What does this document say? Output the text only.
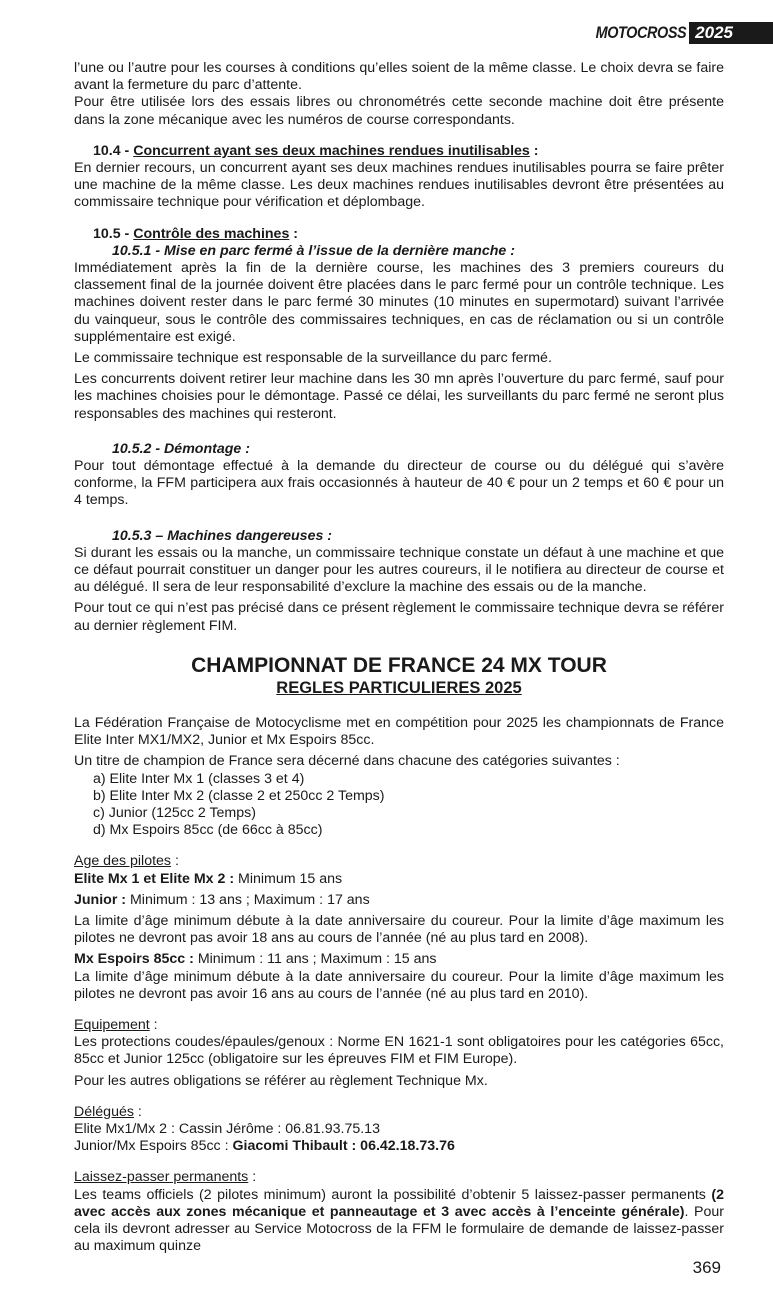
MOTOCROSS 2025

l’une ou l’autre pour les courses à conditions qu’elles soient de la même classe. Le choix devra se faire avant la fermeture du parc d’attente.

Pour être utilisée lors des essais libres ou chronométrés cette seconde machine doit être présente dans la zone mécanique avec les numéros de course correspondants.

10.4 - Concurrent ayant ses deux machines rendues inutilisables :

En dernier recours, un concurrent ayant ses deux machines rendues inutilisables pourra se faire prêter une machine de la même classe. Les deux machines rendues inutilisables devront être présentées au commissaire technique pour vérification et déplombage.

10.5 - Contrôle des machines :

10.5.1 - Mise en parc fermé à l’issue de la dernière manche :

Immédiatement après la fin de la dernière course, les machines des 3 premiers coureurs du classement final de la journée doivent être placées dans le parc fermé pour un contrôle technique. Les machines doivent rester dans le parc fermé 30 minutes (10 minutes en supermotard) suivant l’arrivée du vainqueur, sous le contrôle des commissaires techniques, en cas de réclamation ou si un contrôle supplémentaire est exigé.

Le commissaire technique est responsable de la surveillance du parc fermé.

Les concurrents doivent retirer leur machine dans les 30 mn après l’ouverture du parc fermé, sauf pour les machines choisies pour le démontage. Passé ce délai, les surveillants du parc fermé ne seront plus responsables des machines qui resteront.

10.5.2 - Démontage :

Pour tout démontage effectué à la demande du directeur de course ou du délégué qui s’avère conforme, la FFM participera aux frais occasionnés à hauteur de 40 € pour un 2 temps et 60 € pour un 4 temps.

10.5.3 – Machines dangereuses :

Si durant les essais ou la manche, un commissaire technique constate un défaut à une machine et que ce défaut pourrait constituer un danger pour les autres coureurs, il le notifiera au directeur de course et au délégué. Il sera de leur responsabilité d’exclure la machine des essais ou de la manche.

Pour tout ce qui n’est pas précisé dans ce présent règlement le commissaire technique devra se référer au dernier règlement FIM.

CHAMPIONNAT DE FRANCE 24 MX TOUR

REGLES PARTICULIERES 2025

La Fédération Française de Motocyclisme met en compétition pour 2025 les championnats de France Elite Inter MX1/MX2, Junior et Mx Espoirs 85cc.

Un titre de champion de France sera décerné dans chacune des catégories suivantes :

a) Elite Inter Mx 1 (classes 3 et 4)

b) Elite Inter Mx 2 (classe 2 et 250cc 2 Temps)

c) Junior (125cc 2 Temps)

d) Mx Espoirs 85cc (de 66cc à 85cc)

Age des pilotes :

Elite Mx 1 et Elite Mx 2 : Minimum 15 ans

Junior : Minimum : 13 ans ; Maximum : 17 ans

La limite d’âge minimum débute à la date anniversaire du coureur. Pour la limite d’âge maximum les pilotes ne devront pas avoir 18 ans au cours de l’année (né au plus tard en 2008).

Mx Espoirs 85cc : Minimum : 11 ans ; Maximum : 15 ans

La limite d’âge minimum débute à la date anniversaire du coureur. Pour la limite d’âge maximum les pilotes ne devront pas avoir 16 ans au cours de l’année (né au plus tard en 2010).

Equipement :

Les protections coudes/épaules/genoux : Norme EN 1621-1 sont obligatoires pour les catégories 65cc, 85cc et Junior 125cc (obligatoire sur les épreuves FIM et FIM Europe).

Pour les autres obligations se référer au règlement Technique Mx.

Délégués :

Elite Mx1/Mx 2 : Cassin Jérôme : 06.81.93.75.13

Junior/Mx Espoirs 85cc : Giacomi Thibault : 06.42.18.73.76

Laissez-passer permanents :

Les teams officiels (2 pilotes minimum) auront la possibilité d’obtenir 5 laissez-passer permanents (2 avec accès aux zones mécanique et panneautage et 3 avec accès à l’enceinte générale). Pour cela ils devront adresser au Service Motocross de la FFM le formulaire de demande de laissez-passer au maximum quinze

369
